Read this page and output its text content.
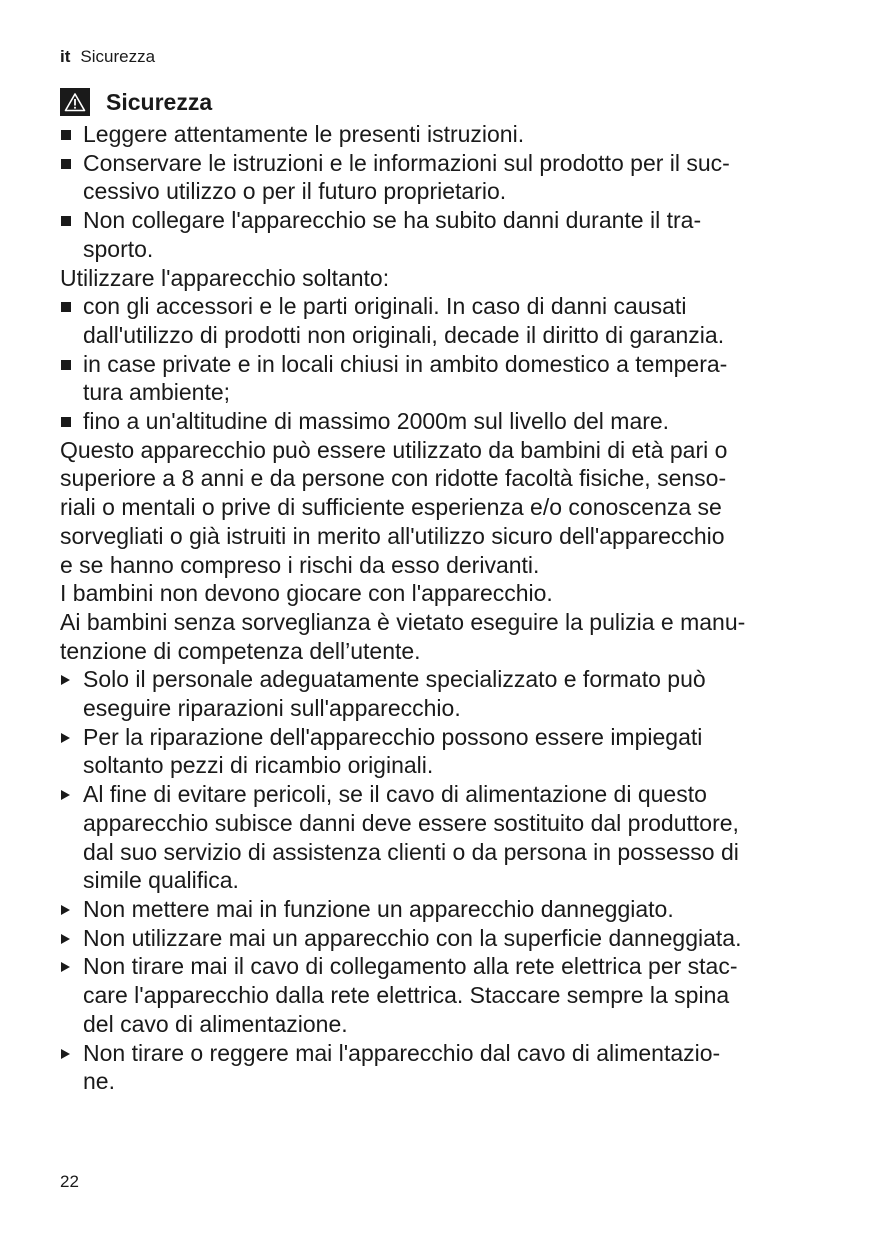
it Sicurezza
Sicurezza
Leggere attentamente le presenti istruzioni.
Conservare le istruzioni e le informazioni sul prodotto per il suc-
cessivo utilizzo o per il futuro proprietario.
Non collegare l'apparecchio se ha subito danni durante il tra-
sporto.
Utilizzare l'apparecchio soltanto:
con gli accessori e le parti originali. In caso di danni causati
dall'utilizzo di prodotti non originali, decade il diritto di garanzia.
in case private e in locali chiusi in ambito domestico a tempera-
tura ambiente;
fino a un'altitudine di massimo 2000m sul livello del mare.
Questo apparecchio può essere utilizzato da bambini di età pari o
superiore a 8 anni e da persone con ridotte facoltà fisiche, senso-
riali o mentali o prive di sufficiente esperienza e/o conoscenza se
sorvegliati o già istruiti in merito all'utilizzo sicuro dell'apparecchio
e se hanno compreso i rischi da esso derivanti.
I bambini non devono giocare con l'apparecchio.
Ai bambini senza sorveglianza è vietato eseguire la pulizia e manu-
tenzione di competenza dell’utente.
Solo il personale adeguatamente specializzato e formato può
eseguire riparazioni sull'apparecchio.
Per la riparazione dell'apparecchio possono essere impiegati
soltanto pezzi di ricambio originali.
Al fine di evitare pericoli, se il cavo di alimentazione di questo
apparecchio subisce danni deve essere sostituito dal produttore,
dal suo servizio di assistenza clienti o da persona in possesso di
simile qualifica.
Non mettere mai in funzione un apparecchio danneggiato.
Non utilizzare mai un apparecchio con la superficie danneggiata.
Non tirare mai il cavo di collegamento alla rete elettrica per stac-
care l'apparecchio dalla rete elettrica. Staccare sempre la spina
del cavo di alimentazione.
Non tirare o reggere mai l'apparecchio dal cavo di alimentazio-
ne.
22
